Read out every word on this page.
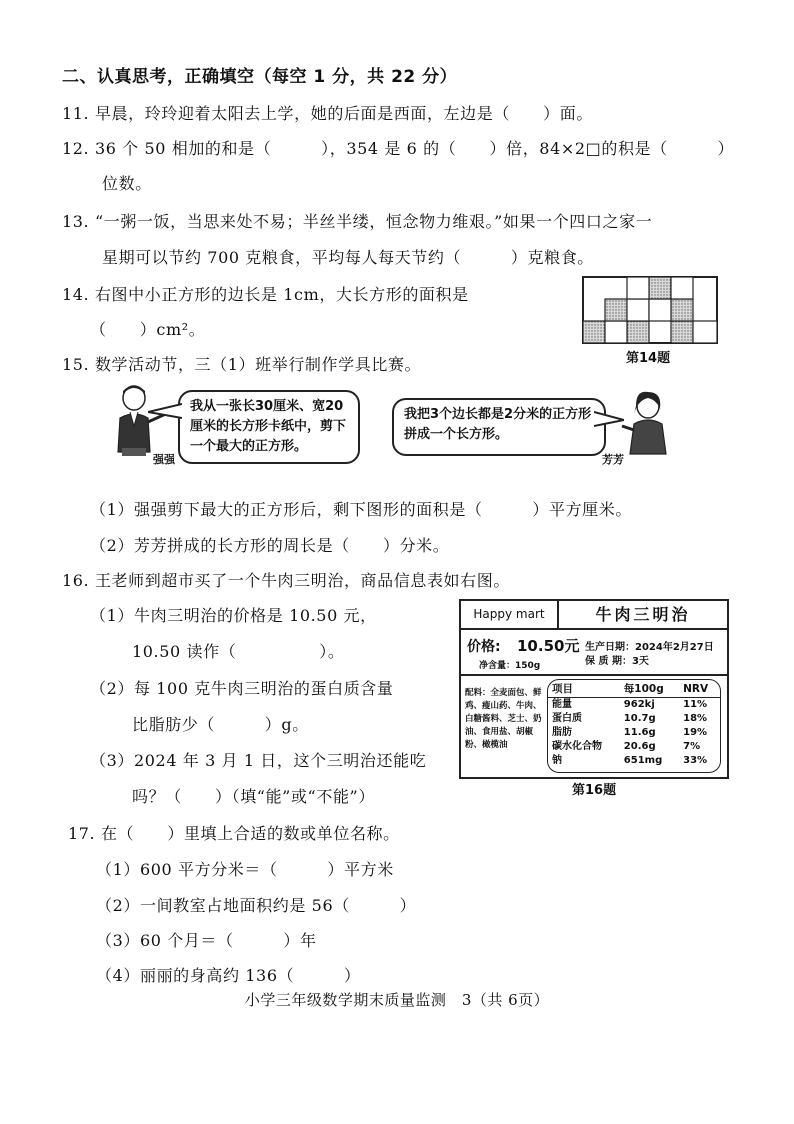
二、认真思考，正确填空（每空 1 分，共 22 分）
11. 早晨，玲玲迎着太阳去上学，她的后面是西面，左边是（　　）面。
12. 36 个 50 相加的和是（　　　），354 是 6 的（　　）倍，84×2□的积是（　　　）
位数。
13. “一粥一饭，当思来处不易；半丝半缕，恒念物力维艰。”如果一个四口之家一
星期可以节约 700 克粮食，平均每人每天节约（　　　）克粮食。
14. 右图中小正方形的边长是 1cm，大长方形的面积是
（　　）cm²。
第14题
15. 数学活动节，三（1）班举行制作学具比赛。
强强
我从一张长30厘米、宽20厘米的长方形卡纸中，剪下一个最大的正方形。
我把3个边长都是2分米的正方形拼成一个长方形。
芳芳
（1）强强剪下最大的正方形后，剩下图形的面积是（　　　）平方厘米。
（2）芳芳拼成的长方形的周长是（　　）分米。
16. 王老师到超市买了一个牛肉三明治，商品信息表如右图。
（1）牛肉三明治的价格是 10.50 元，
10.50 读作（　　　　　）。
（2）每 100 克牛肉三明治的蛋白质含量
比脂肪少（　　　）g。
（3）2024 年 3 月 1 日，这个三明治还能吃
吗？（　　）（填“能”或“不能”）
Happy mart	牛肉三明治
价格: 10.50元
净含量：150g
生产日期：2024年2月27日
保 质 期：3天
配料：全麦面包、鲜鸡、瘦山药、牛肉、白糖酱料、芝士、奶油、食用盐、胡椒粉、橄榄油
项目	每100g	NRV
能量	962kj	11%
蛋白质	10.7g	18%
脂肪	11.6g	19%
碳水化合物	20.6g	7%
钠	651mg	33%
第16题
17. 在（　　）里填上合适的数或单位名称。
（1）600 平方分米＝（　　　）平方米
（2）一间教室占地面积约是 56（　　　）
（3）60 个月＝（　　　）年
（4）丽丽的身高约 136（　　　）
小学三年级数学期末质量监测　3（共 6页）
